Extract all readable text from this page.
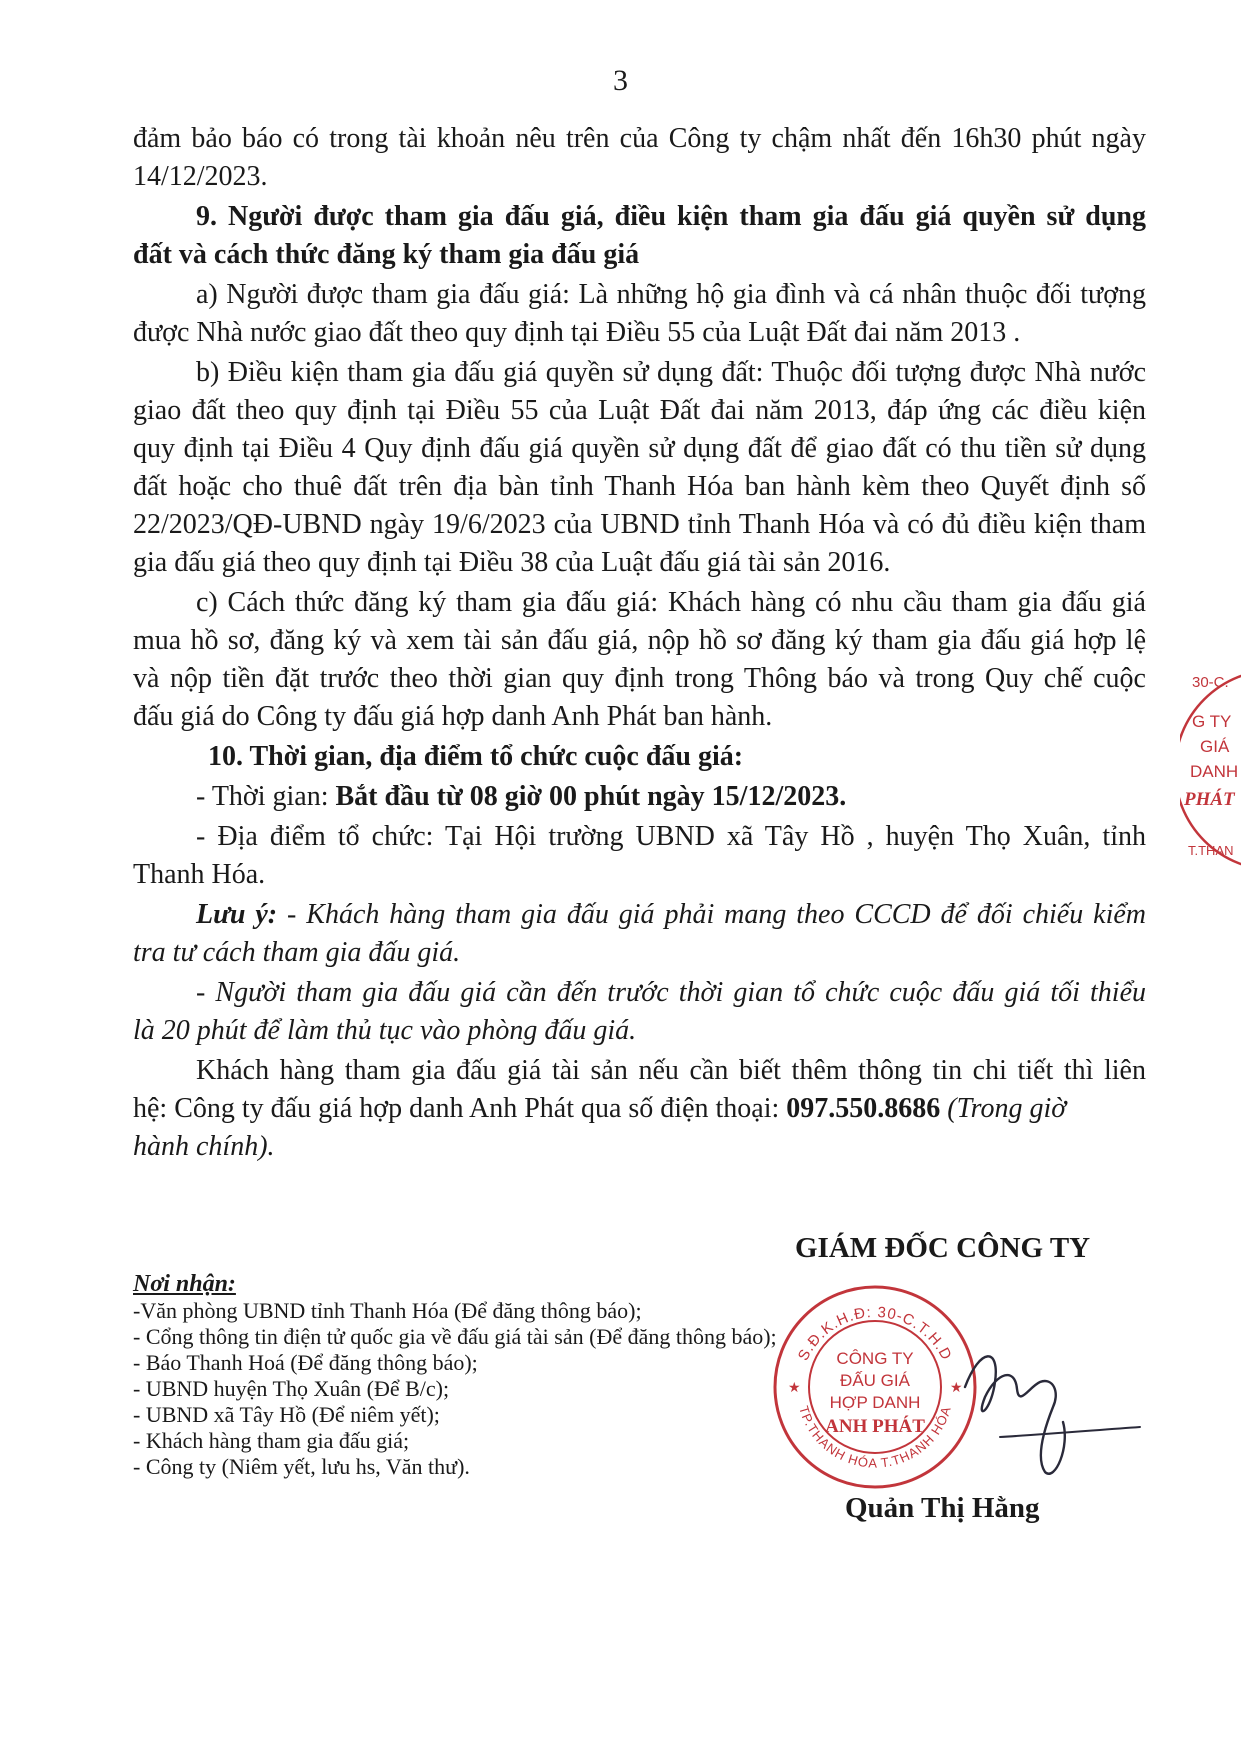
3
đảm bảo báo có trong tài khoản nêu trên của Công ty chậm nhất đến 16h30 phút ngày
14/12/2023.
9. Người được tham gia đấu giá, điều kiện tham gia đấu giá quyền sử dụng
đất và cách thức đăng ký tham gia đấu giá
a) Người được tham gia đấu giá: Là những hộ gia đình và cá nhân thuộc đối tượng
được Nhà nước giao đất theo quy định tại Điều 55 của Luật Đất đai năm 2013 .
b) Điều kiện tham gia đấu giá quyền sử dụng đất: Thuộc đối tượng được Nhà nước
giao đất theo quy định tại Điều 55 của Luật Đất đai năm 2013, đáp ứng các điều kiện
quy định tại Điều 4 Quy định đấu giá quyền sử dụng đất để giao đất có thu tiền sử dụng
đất hoặc cho thuê đất trên địa bàn tỉnh Thanh Hóa ban hành kèm theo Quyết định số
22/2023/QĐ-UBND ngày 19/6/2023 của UBND tỉnh Thanh Hóa và có đủ điều kiện tham
gia đấu giá theo quy định tại Điều 38 của Luật đấu giá tài sản 2016.
c) Cách thức đăng ký tham gia đấu giá: Khách hàng có nhu cầu tham gia đấu giá
mua hồ sơ, đăng ký và xem tài sản đấu giá, nộp hồ sơ đăng ký tham gia đấu giá hợp lệ
và nộp tiền đặt trước theo thời gian quy định trong Thông báo và trong Quy chế cuộc
đấu giá do Công ty đấu giá hợp danh Anh Phát ban hành.
10. Thời gian, địa điểm tổ chức cuộc đấu giá:
- Thời gian: Bắt đầu từ 08 giờ 00 phút ngày 15/12/2023.
- Địa điểm tổ chức: Tại Hội trường UBND xã Tây Hồ , huyện Thọ Xuân, tỉnh
Thanh Hóa.
Lưu ý: - Khách hàng tham gia đấu giá phải mang theo CCCD để đối chiếu kiểm
tra tư cách tham gia đấu giá.
- Người tham gia đấu giá cần đến trước thời gian tổ chức cuộc đấu giá tối thiểu
là 20 phút để làm thủ tục vào phòng đấu giá.
Khách hàng tham gia đấu giá tài sản nếu cần biết thêm thông tin chi tiết thì liên
hệ: Công ty đấu giá hợp danh Anh Phát qua số điện thoại: 097.550.8686 (Trong giờ
hành chính).
Nơi nhận:
-Văn phòng UBND tỉnh Thanh Hóa (Để đăng thông báo);
- Cổng thông tin điện tử quốc gia về đấu giá tài sản (Để đăng thông báo);
- Báo Thanh Hoá (Để đăng thông báo);
- UBND huyện Thọ Xuân (Để B/c);
- UBND xã Tây Hồ (Để niêm yết);
- Khách hàng tham gia đấu giá;
- Công ty (Niêm yết, lưu hs, Văn thư).
GIÁM ĐỐC CÔNG TY
S.Đ.K.H.Đ: 30-C.T.H.D
TP.THANH HÓA T.THANH HÓA
★	★
CÔNG TY
ĐẤU GIÁ
HỢP DANH
ANH PHÁT
Quản Thị Hằng
30-C.
G TY
GIÁ
DANH
PHÁT
T.THAN
